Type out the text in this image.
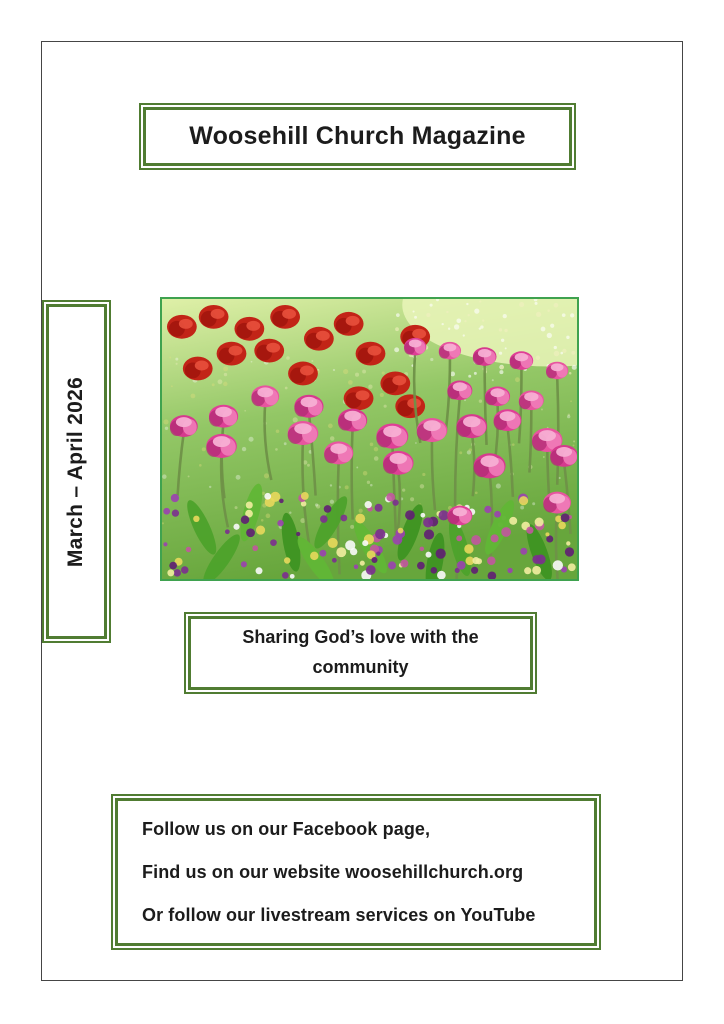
Woosehill Church Magazine
March – April 2026
Sharing God’s love with the community

Follow us on our Facebook page,

Find us on our website woosehillchurch.org

Or follow our livestream services on YouTube
